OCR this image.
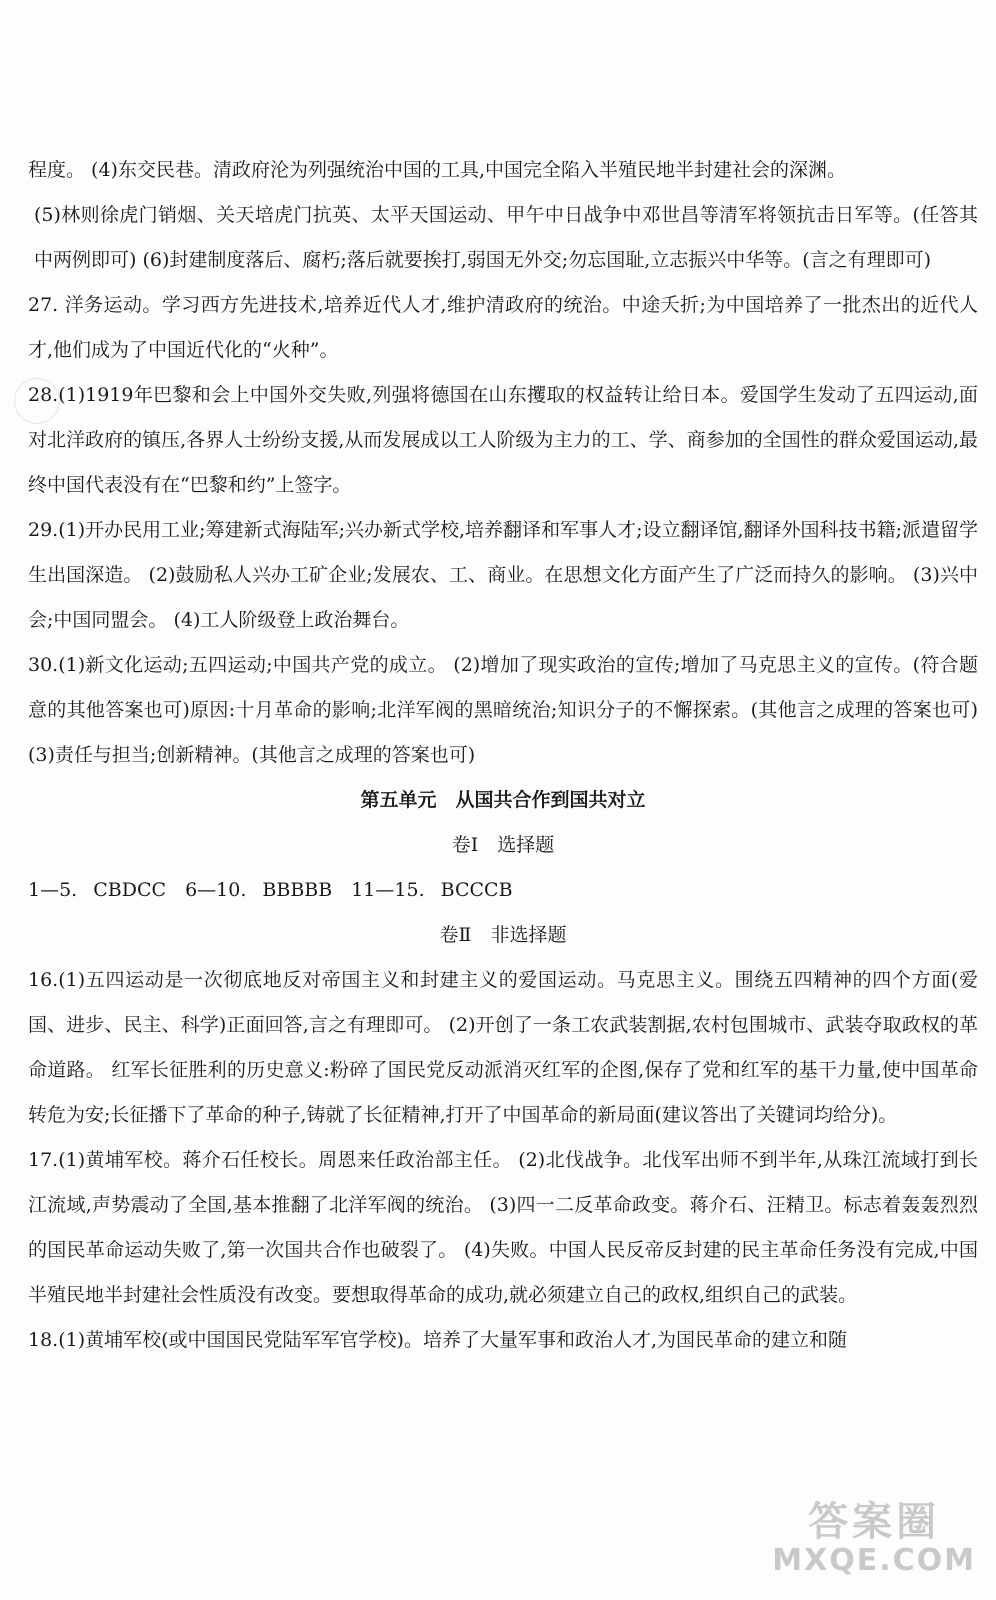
程度。 (4)东交民巷。清政府沦为列强统治中国的工具,中国完全陷入半殖民地半封建社会的深渊。

(5)林则徐虎门销烟、关天培虎门抗英、太平天国运动、甲午中日战争中邓世昌等清军将领抗击日军等。(任答其中两例即可) (6)封建制度落后、腐朽;落后就要挨打,弱国无外交;勿忘国耻,立志振兴中华等。(言之有理即可)

27. 洋务运动。学习西方先进技术,培养近代人才,维护清政府的统治。中途夭折;为中国培养了一批杰出的近代人才,他们成为了中国近代化的“火种”。

28.(1)1919年巴黎和会上中国外交失败,列强将德国在山东攫取的权益转让给日本。爱国学生发动了五四运动,面对北洋政府的镇压,各界人士纷纷支援,从而发展成以工人阶级为主力的工、学、商参加的全国性的群众爱国运动,最终中国代表没有在“巴黎和约”上签字。

29.(1)开办民用工业;筹建新式海陆军;兴办新式学校,培养翻译和军事人才;设立翻译馆,翻译外国科技书籍;派遣留学生出国深造。 (2)鼓励私人兴办工矿企业;发展农、工、商业。在思想文化方面产生了广泛而持久的影响。 (3)兴中会;中国同盟会。 (4)工人阶级登上政治舞台。

30.(1)新文化运动;五四运动;中国共产党的成立。 (2)增加了现实政治的宣传;增加了马克思主义的宣传。(符合题意的其他答案也可)原因:十月革命的影响;北洋军阀的黑暗统治;知识分子的不懈探索。(其他言之成理的答案也可) (3)责任与担当;创新精神。(其他言之成理的答案也可)

第五单元　从国共合作到国共对立

卷Ⅰ　选择题

1—5. CBDCC　6—10. BBBBB　11—15. BCCCB

卷Ⅱ　非选择题

16.(1)五四运动是一次彻底地反对帝国主义和封建主义的爱国运动。马克思主义。围绕五四精神的四个方面(爱国、进步、民主、科学)正面回答,言之有理即可。 (2)开创了一条工农武装割据,农村包围城市、武装夺取政权的革命道路。 红军长征胜利的历史意义:粉碎了国民党反动派消灭红军的企图,保存了党和红军的基干力量,使中国革命转危为安;长征播下了革命的种子,铸就了长征精神,打开了中国革命的新局面(建议答出了关键词均给分)。

17.(1)黄埔军校。蒋介石任校长。周恩来任政治部主任。 (2)北伐战争。北伐军出师不到半年,从珠江流域打到长江流域,声势震动了全国,基本推翻了北洋军阀的统治。 (3)四一二反革命政变。蒋介石、汪精卫。标志着轰轰烈烈的国民革命运动失败了,第一次国共合作也破裂了。 (4)失败。中国人民反帝反封建的民主革命任务没有完成,中国半殖民地半封建社会性质没有改变。要想取得革命的成功,就必须建立自己的政权,组织自己的武装。

18.(1)黄埔军校(或中国国民党陆军军官学校)。培养了大量军事和政治人才,为国民革命的建立和随

答案圈
MXQE.COM
